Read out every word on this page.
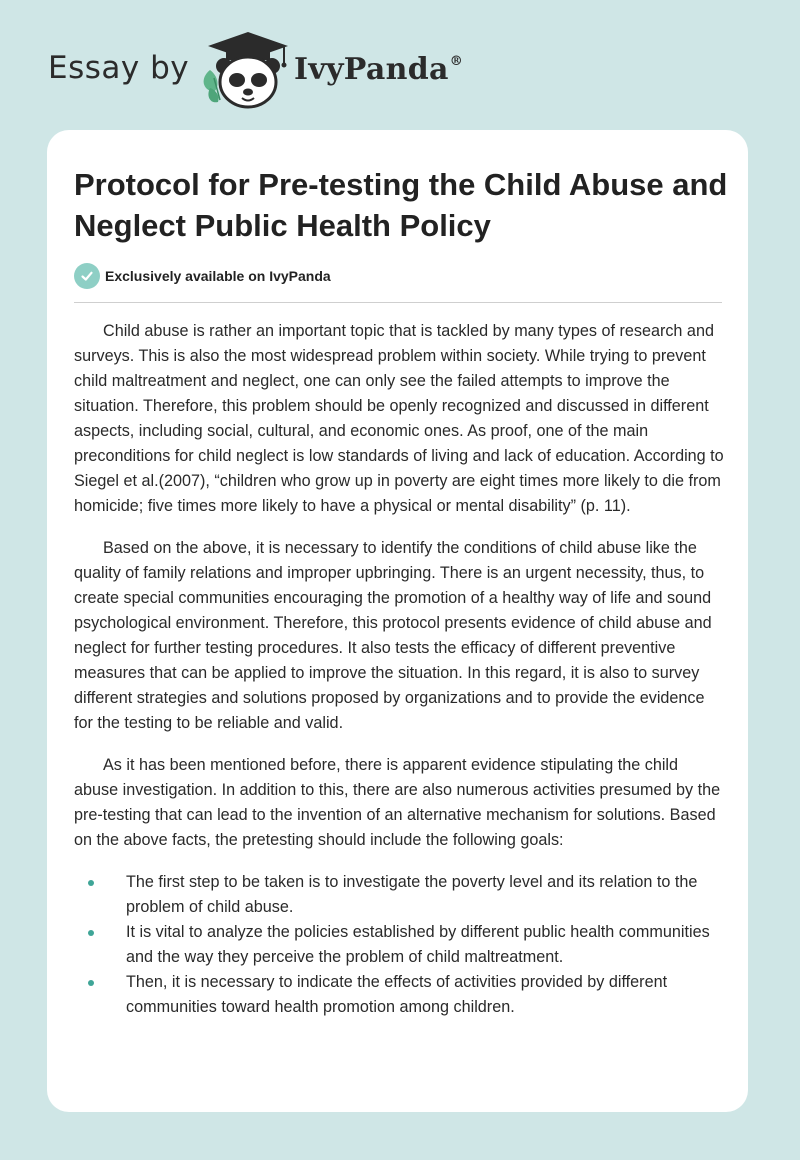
Essay by	IvyPanda®
Protocol for Pre-testing the Child Abuse and Neglect Public Health Policy
Exclusively available on IvyPanda

Child abuse is rather an important topic that is tackled by many types of research and surveys. This is also the most widespread problem within society. While trying to prevent child maltreatment and neglect, one can only see the failed attempts to improve the situation. Therefore, this problem should be openly recognized and discussed in different aspects, including social, cultural, and economic ones. As proof, one of the main preconditions for child neglect is low standards of living and lack of education. According to Siegel et al.(2007), “children who grow up in poverty are eight times more likely to die from homicide; five times more likely to have a physical or mental disability” (p. 11).

Based on the above, it is necessary to identify the conditions of child abuse like the quality of family relations and improper upbringing. There is an urgent necessity, thus, to create special communities encouraging the promotion of a healthy way of life and sound psychological environment. Therefore, this protocol presents evidence of child abuse and neglect for further testing procedures. It also tests the efficacy of different preventive measures that can be applied to improve the situation. In this regard, it is also to survey different strategies and solutions proposed by organizations and to provide the evidence for the testing to be reliable and valid.

As it has been mentioned before, there is apparent evidence stipulating the child abuse investigation. In addition to this, there are also numerous activities presumed by the pre-testing that can lead to the invention of an alternative mechanism for solutions. Based on the above facts, the pretesting should include the following goals:

The first step to be taken is to investigate the poverty level and its relation to the problem of child abuse.
It is vital to analyze the policies established by different public health communities and the way they perceive the problem of child maltreatment.
Then, it is necessary to indicate the effects of activities provided by different communities toward health promotion among children.
